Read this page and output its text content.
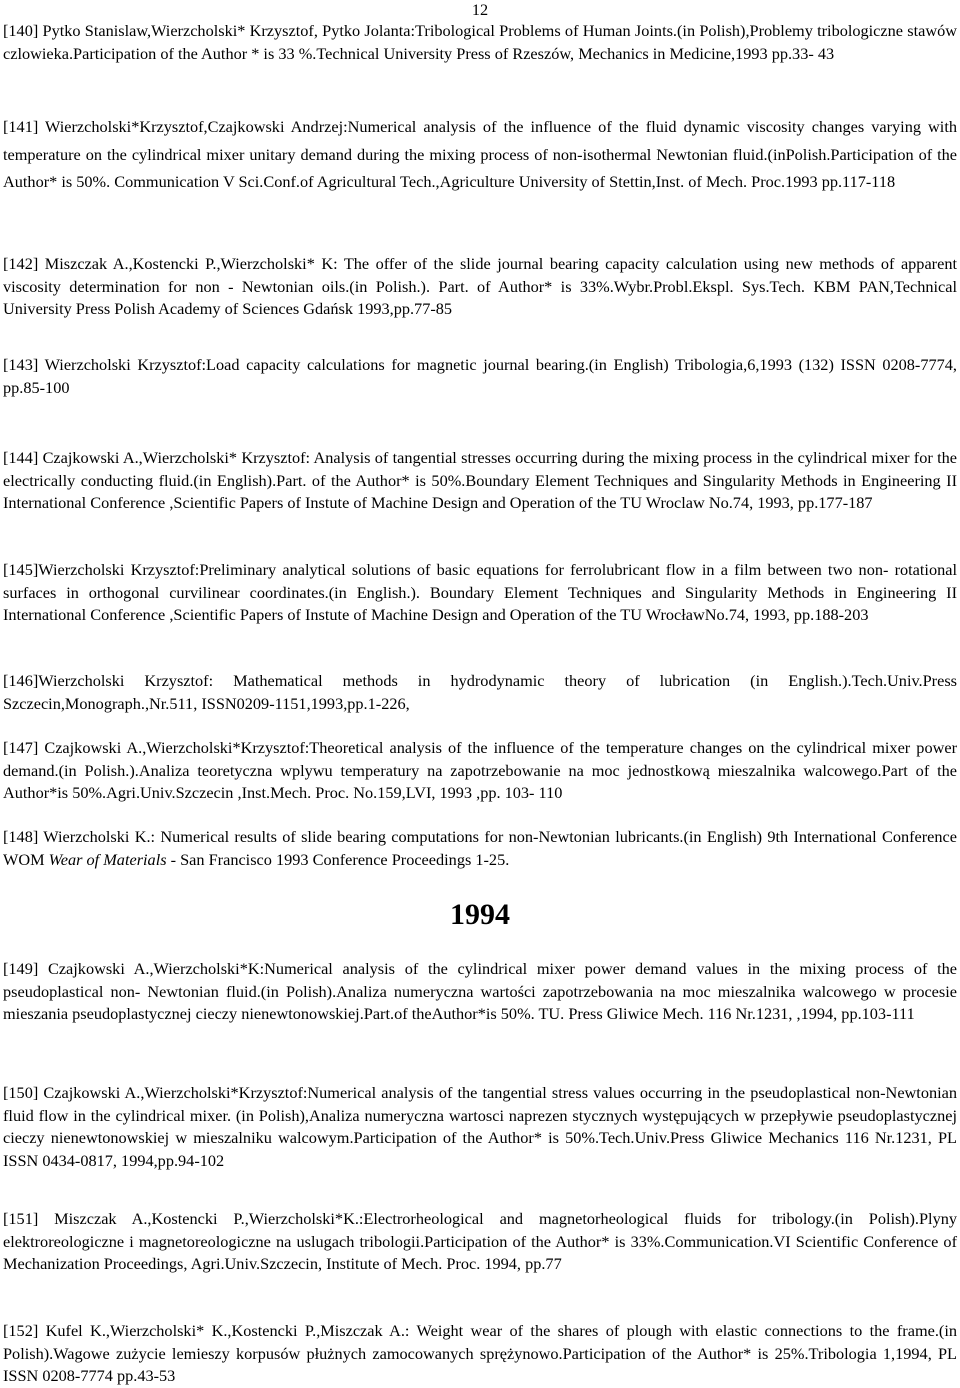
12

[140] Pytko Stanislaw,Wierzcholski* Krzysztof, Pytko Jolanta:Tribological Problems of Human Joints.(in Polish),Problemy tribologiczne stawów czlowieka.Participation of the Author * is 33 %.Technical University Press of Rzeszów, Mechanics in Medicine,1993 pp.33- 43

[141] Wierzcholski*Krzysztof,Czajkowski Andrzej:Numerical analysis of the influence of the fluid dynamic viscosity changes varying with temperature on the cylindrical mixer unitary demand during the mixing process of non-isothermal Newtonian fluid.(inPolish.Participation of the Author* is 50%. Communication V Sci.Conf.of Agricultural Tech.,Agriculture University of Stettin,Inst. of Mech. Proc.1993 pp.117-118

[142] Miszczak A.,Kostencki P.,Wierzcholski* K: The offer of the slide journal bearing capacity calculation using new methods of apparent viscosity determination for non - Newtonian oils.(in Polish.). Part. of Author* is 33%.Wybr.Probl.Ekspl. Sys.Tech. KBM PAN,Technical University Press Polish Academy of Sciences Gdańsk 1993,pp.77-85

[143] Wierzcholski Krzysztof:Load capacity calculations for magnetic journal bearing.(in English) Tribologia,6,1993 (132) ISSN 0208-7774, pp.85-100

[144] Czajkowski A.,Wierzcholski* Krzysztof: Analysis of tangential stresses occurring during the mixing process in the cylindrical mixer for the electrically conducting fluid.(in English).Part. of the Author* is 50%.Boundary Element Techniques and Singularity Methods in Engineering II International Conference ,Scientific Papers of Instute of Machine Design and Operation of the TU Wroclaw No.74, 1993, pp.177-187

[145]Wierzcholski Krzysztof:Preliminary analytical solutions of basic equations for ferrolubricant flow in a film between two non- rotational surfaces in orthogonal curvilinear coordinates.(in English.). Boundary Element Techniques and Singularity Methods in Engineering II International Conference ,Scientific Papers of Instute of Machine Design and Operation of the TU WrocławNo.74, 1993, pp.188-203

[146]Wierzcholski Krzysztof: Mathematical methods in hydrodynamic theory of lubrication (in English.).Tech.Univ.Press Szczecin,Monograph.,Nr.511, ISSN0209-1151,1993,pp.1-226,

[147] Czajkowski A.,Wierzcholski*Krzysztof:Theoretical analysis of the influence of the temperature changes on the cylindrical mixer power demand.(in Polish.).Analiza teoretyczna wplywu temperatury na zapotrzebowanie na moc jednostkową mieszalnika walcowego.Part of the Author*is 50%.Agri.Univ.Szczecin ,Inst.Mech. Proc. No.159,LVI, 1993 ,pp. 103- 110

[148] Wierzcholski K.: Numerical results of slide bearing computations for non-Newtonian lubricants.(in English) 9th International Conference WOM Wear of Materials - San Francisco 1993 Conference Proceedings 1-25.

1994

[149] Czajkowski A.,Wierzcholski*K:Numerical analysis of the cylindrical mixer power demand values in the mixing process of the pseudoplastical non- Newtonian fluid.(in Polish).Analiza numeryczna wartości zapotrzebowania na moc mieszalnika walcowego w procesie mieszania pseudoplastycznej cieczy nienewtonowskiej.Part.of theAuthor*is 50%. TU. Press Gliwice Mech. 116 Nr.1231, ,1994, pp.103-111

[150] Czajkowski A.,Wierzcholski*Krzysztof:Numerical analysis of the tangential stress values occurring in the pseudoplastical non-Newtonian fluid flow in the cylindrical mixer. (in Polish),Analiza numeryczna wartosci naprezen stycznych występujących w przepływie pseudoplastycznej cieczy nienewtonowskiej w mieszalniku walcowym.Participation of the Author* is 50%.Tech.Univ.Press Gliwice Mechanics 116 Nr.1231, PL ISSN 0434-0817, 1994,pp.94-102

[151] Miszczak A.,Kostencki P.,Wierzcholski*K.:Electrorheological and magnetorheological fluids for tribology.(in Polish).Plyny elektroreologiczne i magnetoreologiczne na uslugach tribologii.Participation of the Author* is 33%.Communication.VI Scientific Conference of Mechanization Proceedings, Agri.Univ.Szczecin, Institute of Mech. Proc. 1994, pp.77

[152] Kufel K.,Wierzcholski* K.,Kostencki P.,Miszczak A.: Weight wear of the shares of plough with elastic connections to the frame.(in Polish).Wagowe zużycie lemieszy korpusów płużnych zamocowanych sprężynowo.Participation of the Author* is 25%.Tribologia 1,1994, PL ISSN 0208-7774 pp.43-53
